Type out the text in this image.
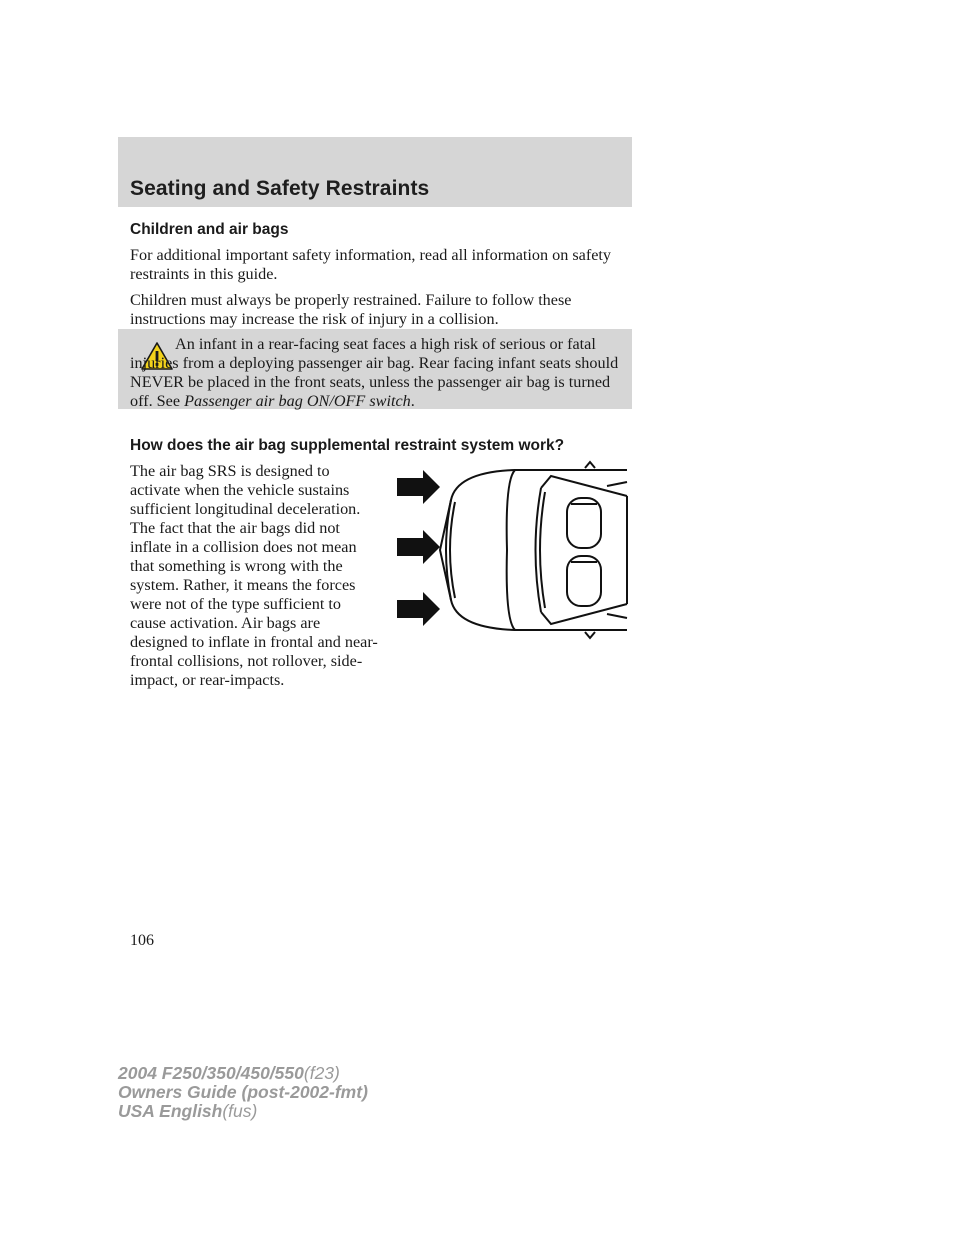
Seating and Safety Restraints

Children and air bags

For additional important safety information, read all information on safety restraints in this guide.

Children must always be properly restrained. Failure to follow these instructions may increase the risk of injury in a collision.

An infant in a rear-facing seat faces a high risk of serious or fatal injuries from a deploying passenger air bag. Rear facing infant seats should NEVER be placed in the front seats, unless the passenger air bag is turned off. See Passenger air bag ON/OFF switch.

How does the air bag supplemental restraint system work?

The air bag SRS is designed to activate when the vehicle sustains sufficient longitudinal deceleration. The fact that the air bags did not inflate in a collision does not mean that something is wrong with the system. Rather, it means the forces were not of the type sufficient to cause activation. Air bags are designed to inflate in frontal and near-frontal collisions, not rollover, side-impact, or rear-impacts.

106

2004 F250/350/450/550(f23)
Owners Guide (post-2002-fmt)
USA English(fus)
